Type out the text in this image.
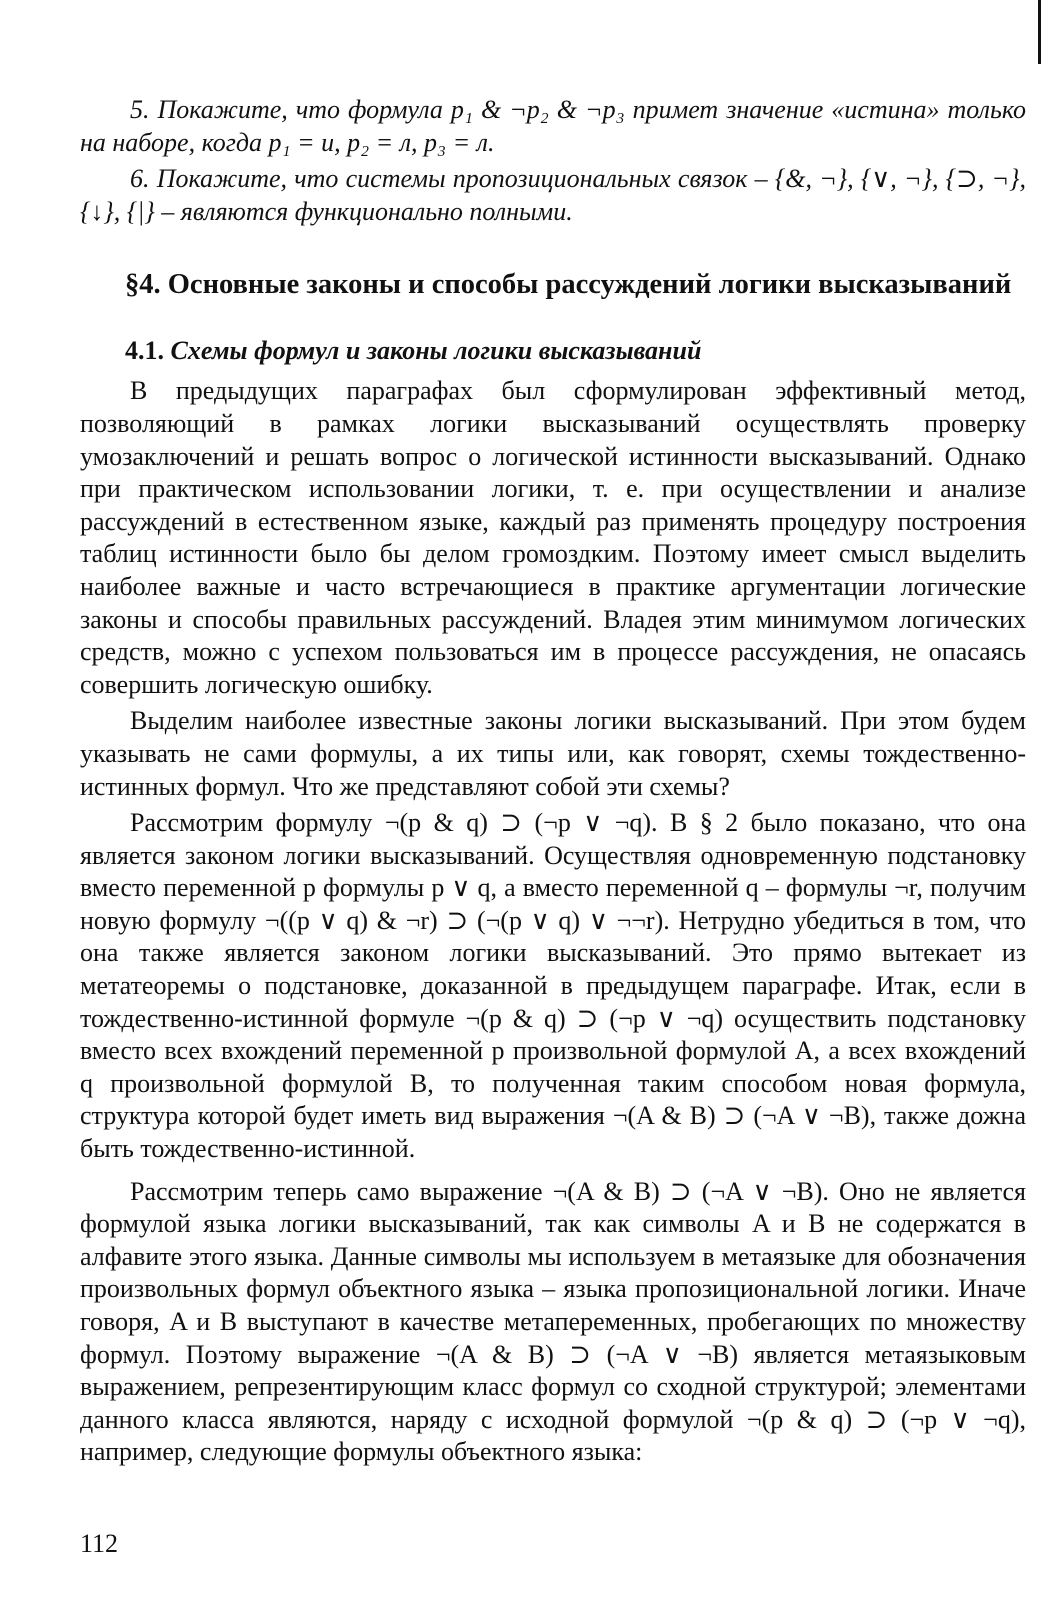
5. Покажите, что формула p₁ & ¬p₂ & ¬p₃ примет значение «истина» только на наборе, когда p₁ = и, p₂ = л, p₃ = л.

6. Покажите, что системы пропозициональных связок – {&, ¬}, {∨, ¬}, {⊃, ¬}, {↓}, {|} – являются функционально полными.

§4. Основные законы и способы рассуждений логики высказываний

4.1. Схемы формул и законы логики высказываний

В предыдущих параграфах был сформулирован эффективный метод, позволяющий в рамках логики высказываний осуществлять проверку умозаключений и решать вопрос о логической истинности высказываний. Однако при практическом использовании логики, т. е. при осуществлении и анализе рассуждений в естественном языке, каждый раз применять процедуру построения таблиц истинности было бы делом громоздким. Поэтому имеет смысл выделить наиболее важные и часто встречающиеся в практике аргументации логические законы и способы правильных рассуждений. Владея этим минимумом логических средств, можно с успехом пользоваться им в процессе рассуждения, не опасаясь совершить логическую ошибку.

Выделим наиболее известные законы логики высказываний. При этом будем указывать не сами формулы, а их типы или, как говорят, схемы тождественно-истинных формул. Что же представляют собой эти схемы?

Рассмотрим формулу ¬(p & q) ⊃ (¬p ∨ ¬q). В § 2 было показано, что она является законом логики высказываний. Осуществляя одновременную подстановку вместо переменной p формулы p ∨ q, а вместо переменной q – формулы ¬r, получим новую формулу ¬((p ∨ q) & ¬r) ⊃ (¬(p ∨ q) ∨ ¬¬r). Нетрудно убедиться в том, что она также является законом логики высказываний. Это прямо вытекает из метатеоремы о подстановке, доказанной в предыдущем параграфе. Итак, если в тождественно-истинной формуле ¬(p & q) ⊃ (¬p ∨ ¬q) осуществить подстановку вместо всех вхождений переменной p произвольной формулой A, а всех вхождений q произвольной формулой B, то полученная таким способом новая формула, структура которой будет иметь вид выражения ¬(A & B) ⊃ (¬A ∨ ¬B), также дожна быть тождественно-истинной.

Рассмотрим теперь само выражение ¬(A & B) ⊃ (¬A ∨ ¬B). Оно не является формулой языка логики высказываний, так как символы A и B не содержатся в алфавите этого языка. Данные символы мы используем в метаязыке для обозначения произвольных формул объектного языка – языка пропозициональной логики. Иначе говоря, A и B выступают в качестве метапеременных, пробегающих по множеству формул. Поэтому выражение ¬(A & B) ⊃ (¬A ∨ ¬B) является метаязыковым выражением, репрезентирующим класс формул со сходной структурой; элементами данного класса являются, наряду с исходной формулой ¬(p & q) ⊃ (¬p ∨ ¬q), например, следующие формулы объектного языка:

112
